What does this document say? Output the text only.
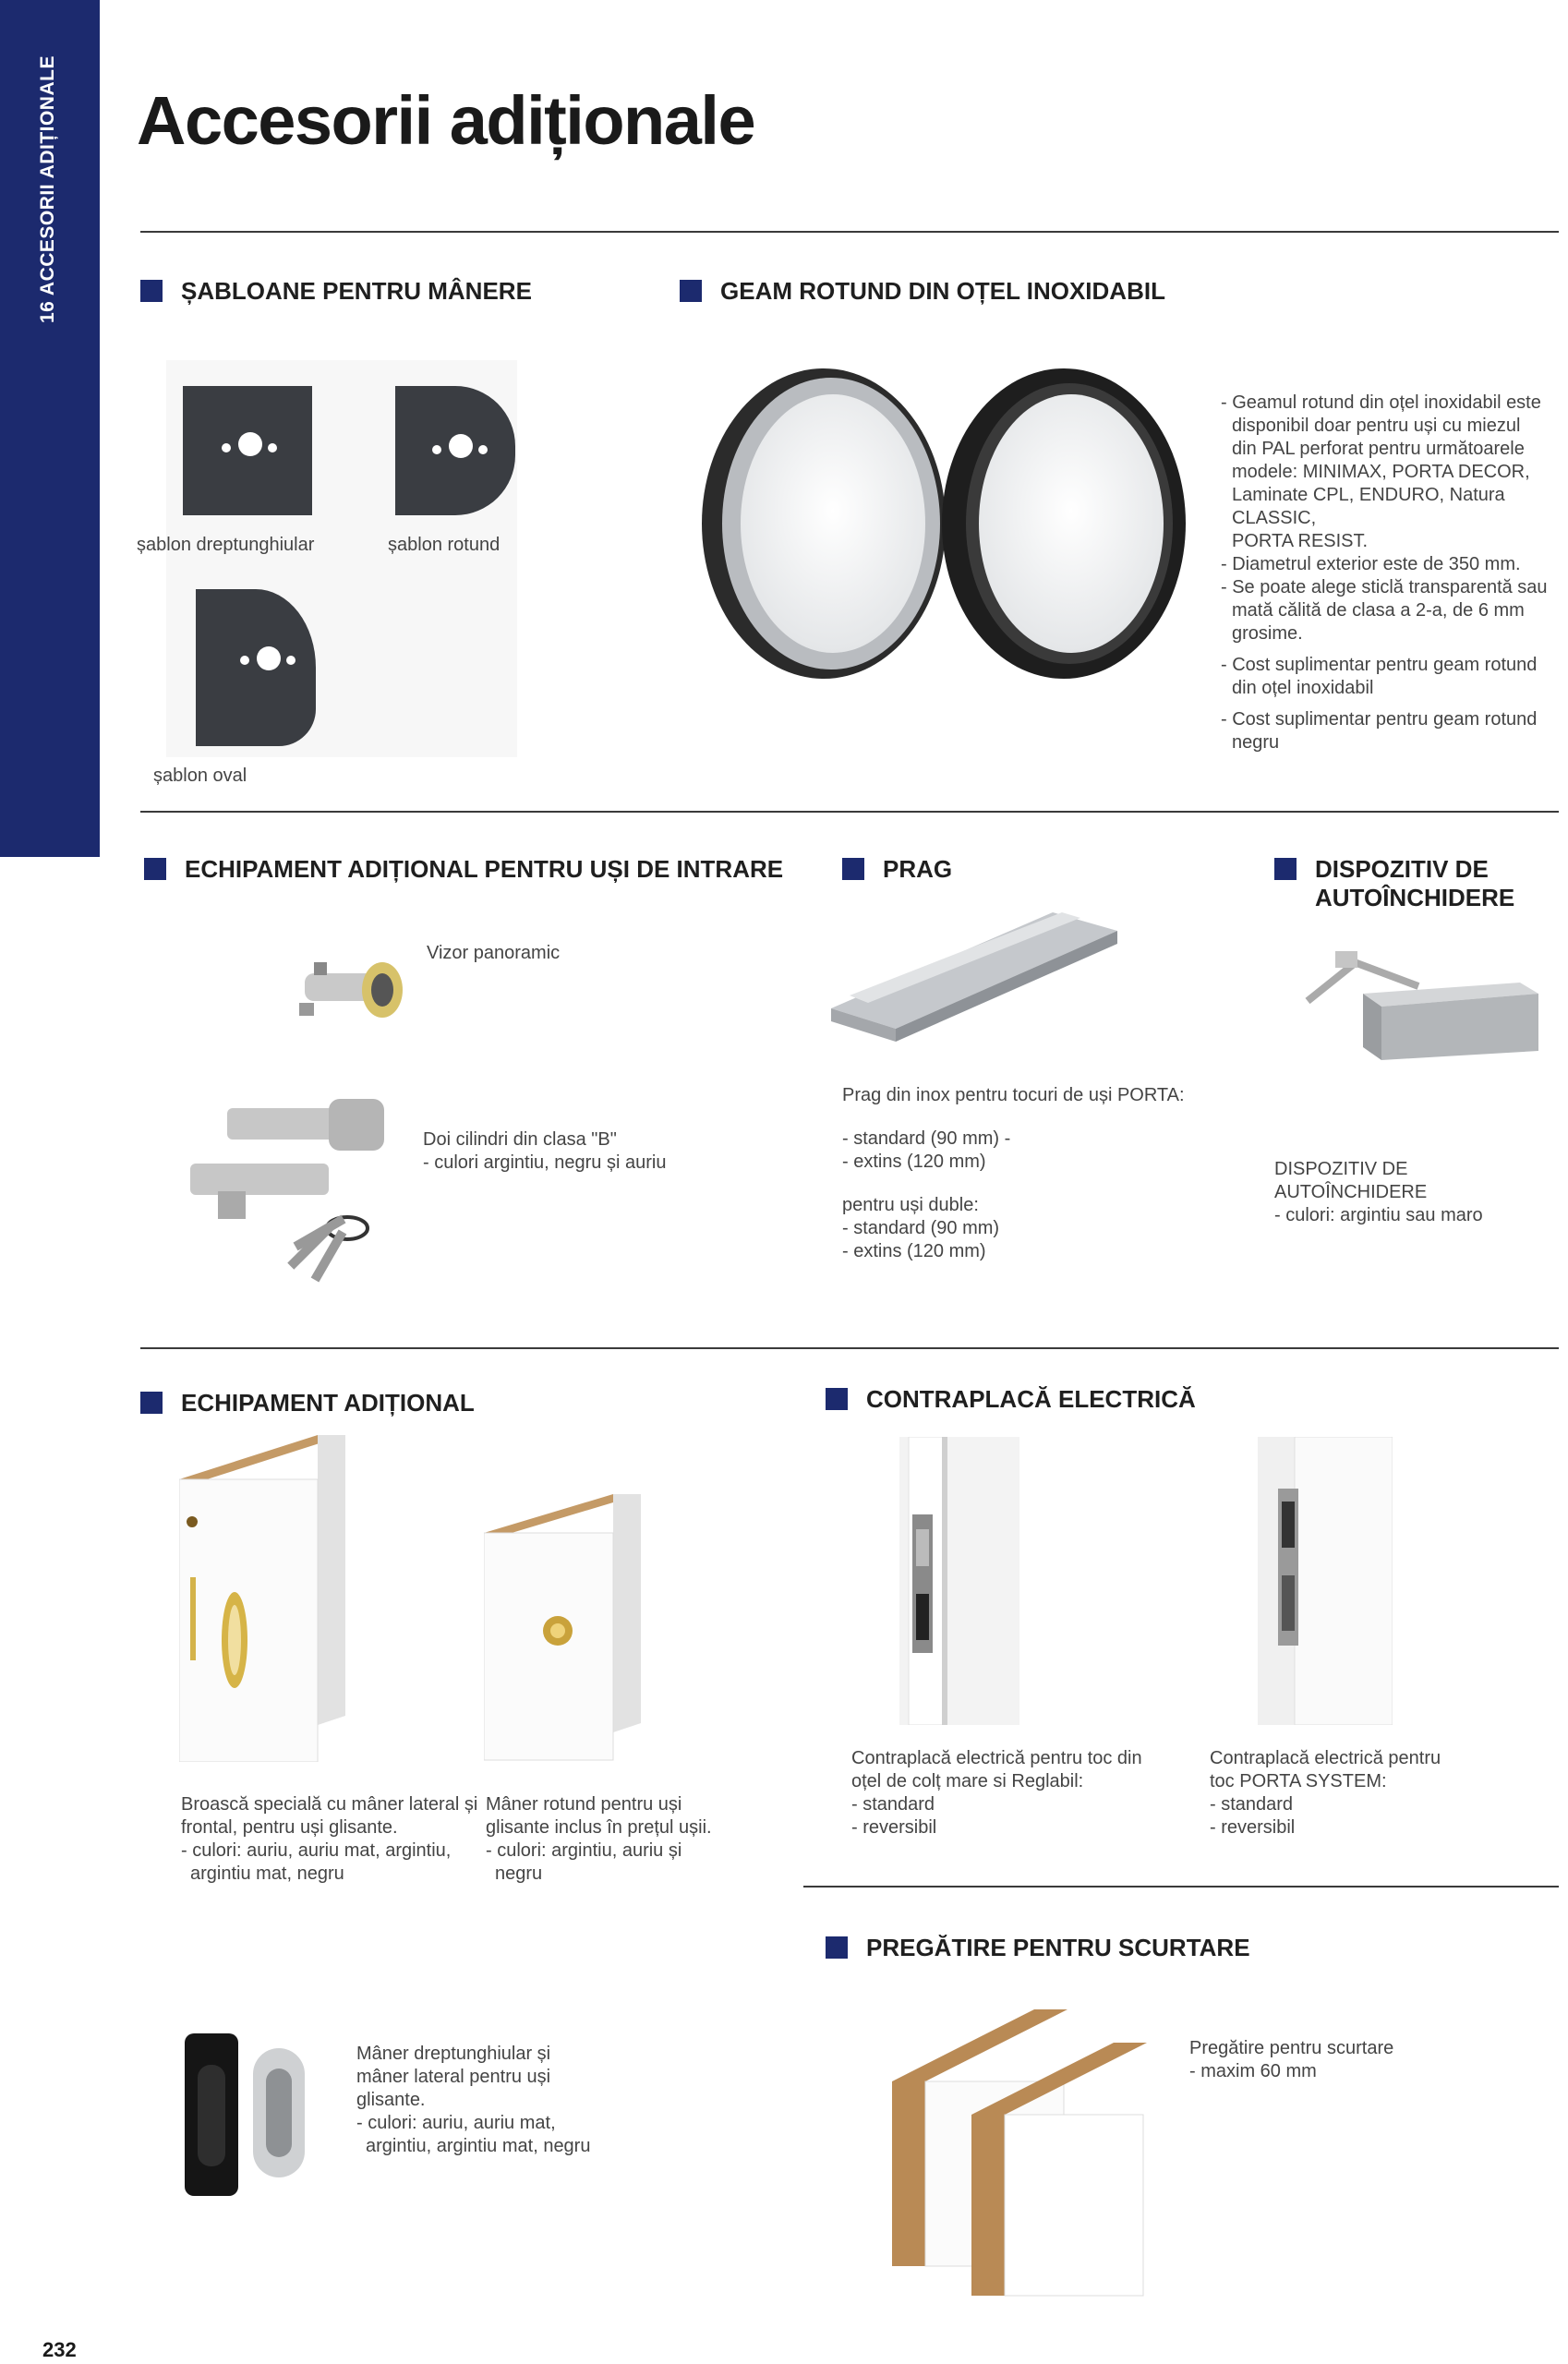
16 ACCESORII ADIȚIONALE Accesorii adiționale
ȘABLOANE PENTRU MÂNERE
șablon dreptunghiular	șablon rotund
șablon oval
GEAM ROTUND DIN OȚEL INOXIDABIL

- Geamul rotund din oțel inoxidabil este

disponibil doar pentru uși cu miezul

din PAL perforat pentru următoarele

modele: MINIMAX, PORTA DECOR,

Laminate CPL, ENDURO, Natura CLASSIC,

PORTA RESIST.

- Diametrul exterior este de 350 mm.

- Se poate alege sticlă transparentă sau

mată călită de clasa a 2-a, de 6 mm

grosime.

- Cost suplimentar pentru geam rotund

din oțel inoxidabil

- Cost suplimentar pentru geam rotund

negru

ECHIPAMENT ADIȚIONAL PENTRU UȘI DE INTRARE
Vizor panoramic

Doi cilindri din clasa "B"

- culori argintiu, negru și auriu

PRAG

Prag din inox pentru tocuri de uși PORTA:

- standard (90 mm) -

- extins (120 mm)

pentru uși duble:

- standard (90 mm)

- extins (120 mm)

DISPOZITIV DE
AUTOÎNCHIDERE

DISPOZITIV DE

AUTOÎNCHIDERE

- culori: argintiu sau maro

ECHIPAMENT ADIȚIONAL

Broască specială cu mâner lateral și

frontal, pentru uși glisante.

- culori: auriu, auriu mat, argintiu,

argintiu mat, negru

Mâner rotund pentru uși

glisante inclus în prețul ușii.

- culori: argintiu, auriu și

negru

Mâner dreptunghiular și

mâner lateral pentru uși

glisante.

- culori: auriu, auriu mat,

argintiu, argintiu mat, negru

CONTRAPLACĂ ELECTRICĂ

Contraplacă electrică pentru toc din

oțel de colț mare si Reglabil:

- standard

- reversibil

Contraplacă electrică pentru

toc PORTA SYSTEM:

- standard

- reversibil

PREGĂTIRE PENTRU SCURTARE

Pregătire pentru scurtare

- maxim 60 mm

232
